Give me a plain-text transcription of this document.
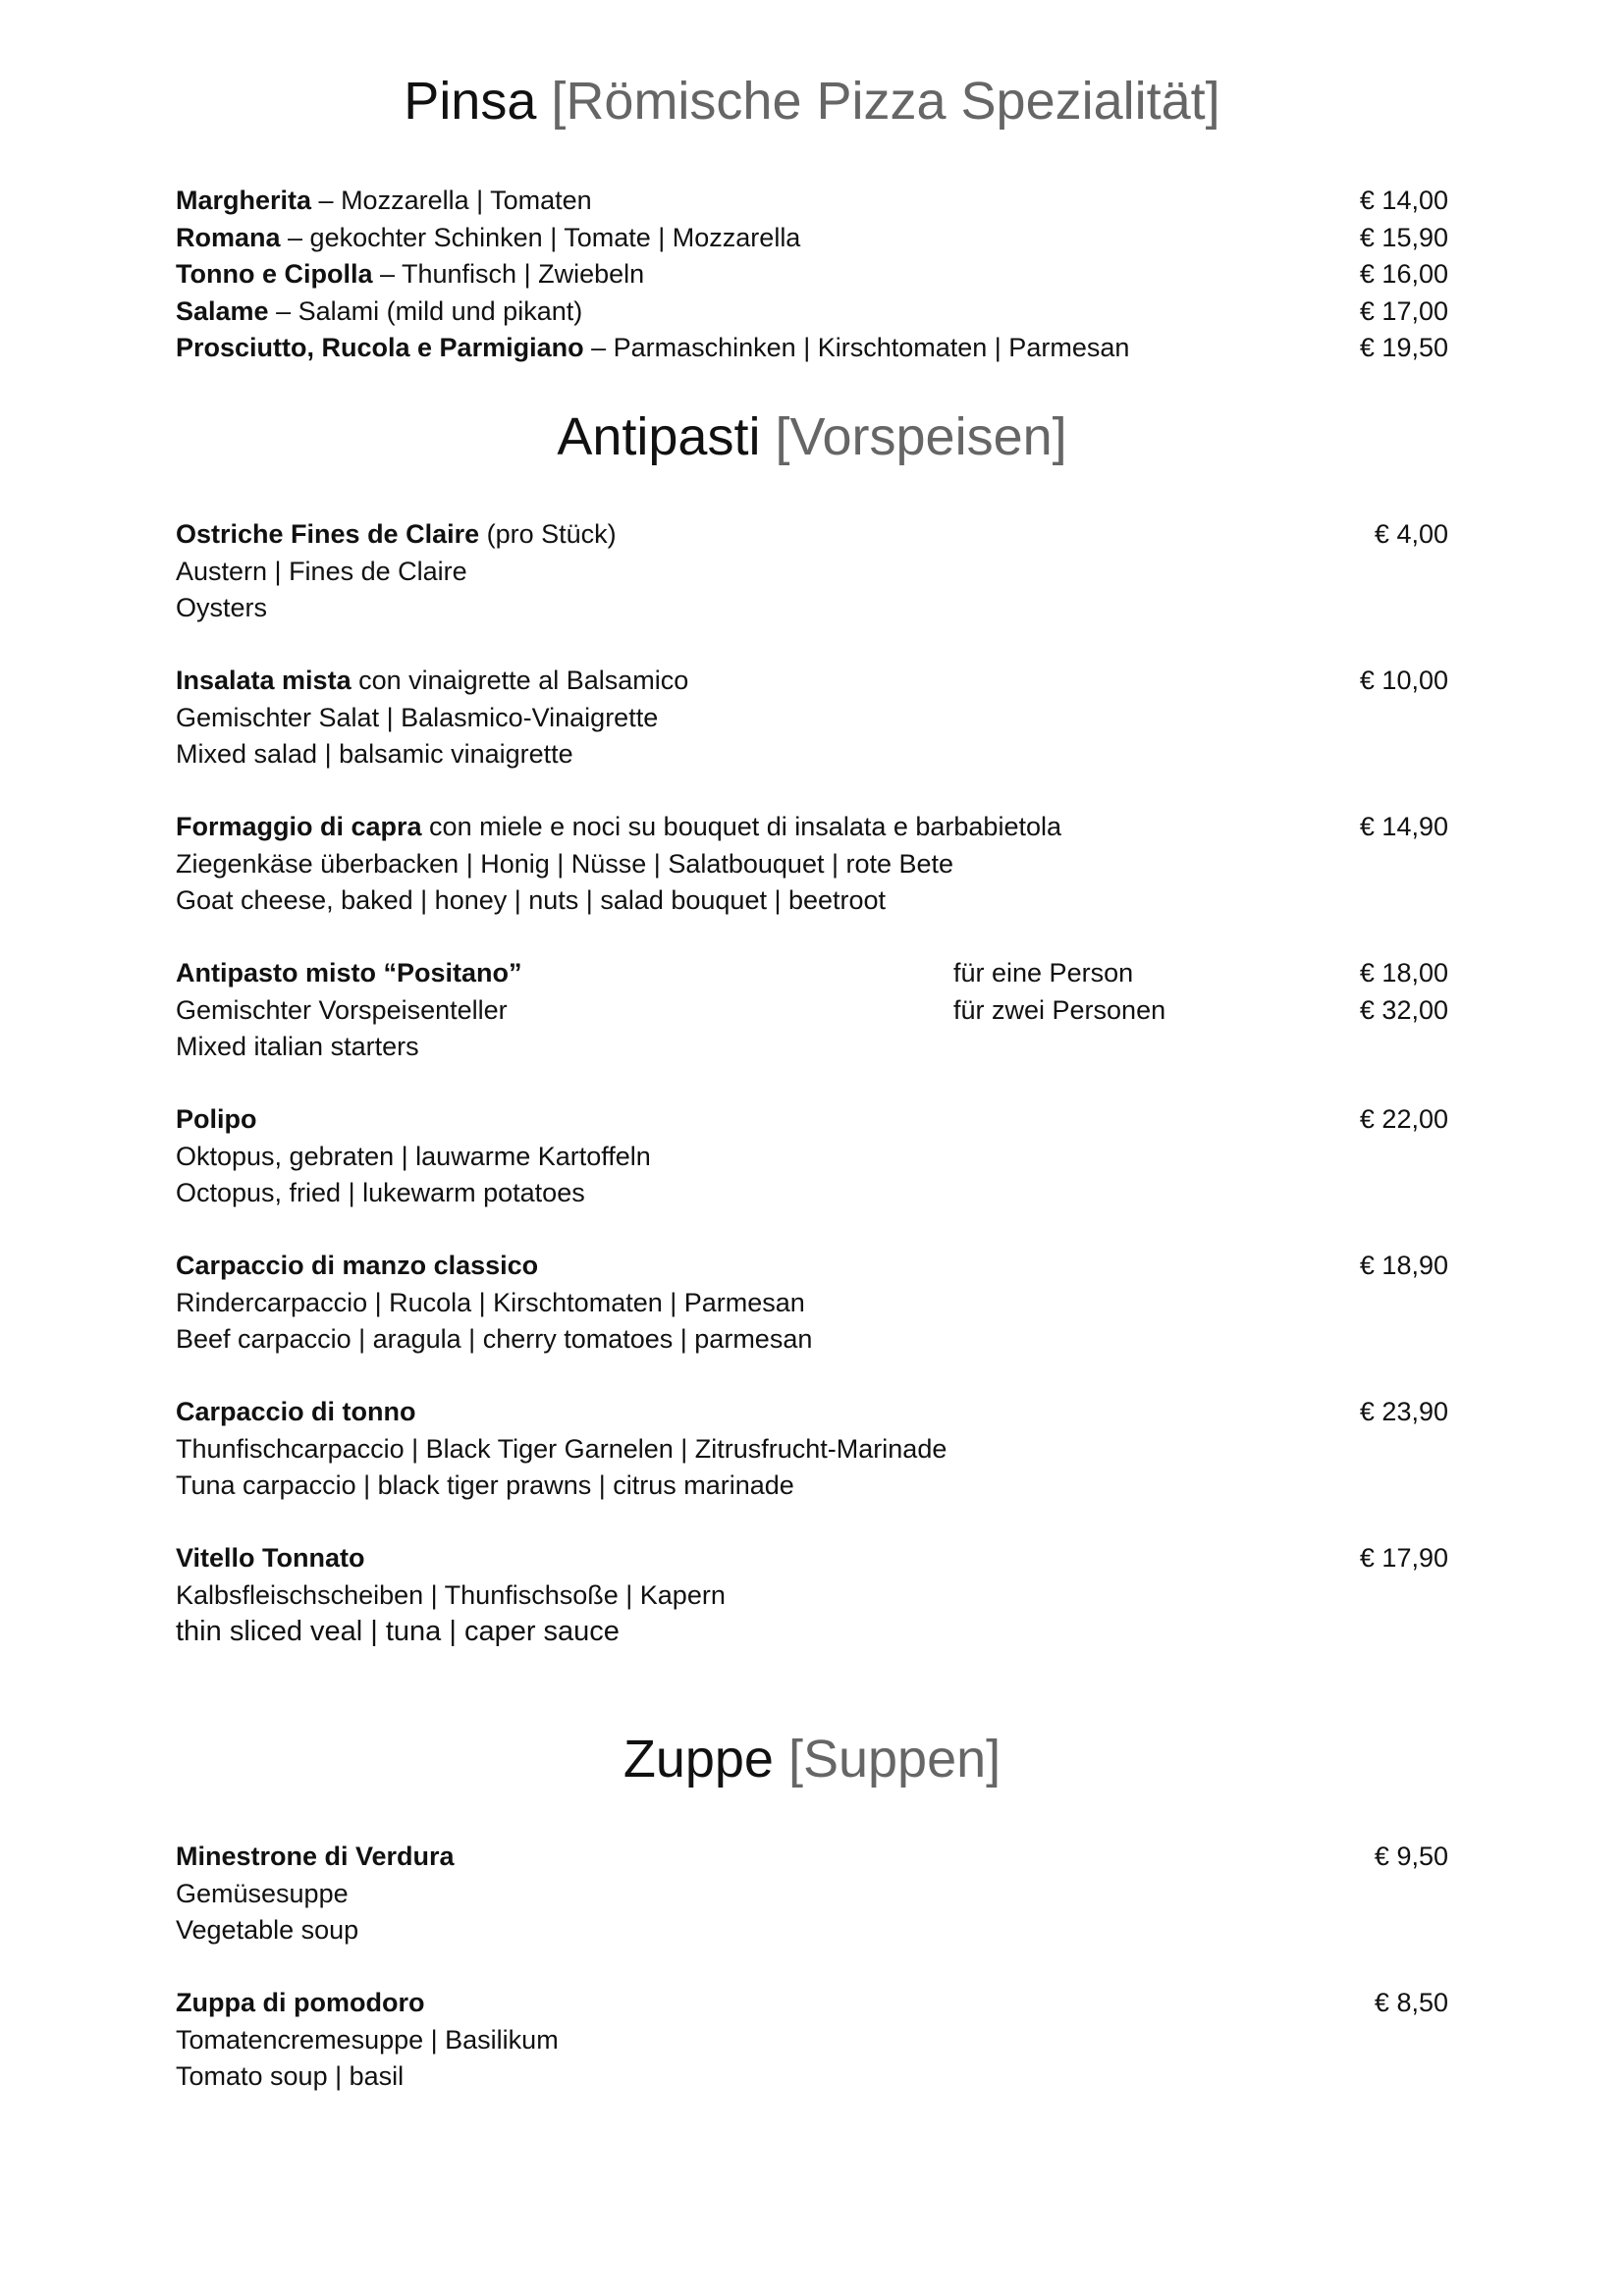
Pinsa [Römische Pizza Spezialität]
Margherita – Mozzarella | Tomaten	€ 14,00
Romana – gekochter Schinken | Tomate | Mozzarella	€ 15,90
Tonno e Cipolla – Thunfisch | Zwiebeln	€ 16,00
Salame – Salami (mild und pikant)	€ 17,00
Prosciutto, Rucola e Parmigiano – Parmaschinken | Kirschtomaten | Parmesan	€ 19,50
Antipasti [Vorspeisen]
Ostriche Fines de Claire (pro Stück)	€ 4,00
Austern | Fines de Claire
Oysters
Insalata mista con vinaigrette al Balsamico	€ 10,00
Gemischter Salat | Balasmico-Vinaigrette
Mixed salad | balsamic vinaigrette
Formaggio di capra con miele e noci su bouquet di insalata e barbabietola	€ 14,90
Ziegenkäse überbacken | Honig | Nüsse | Salatbouquet | rote Bete
Goat cheese, baked | honey | nuts | salad bouquet | beetroot
Antipasto misto “Positano”	für eine Person	€ 18,00
Gemischter Vorspeisenteller	für zwei Personen	€ 32,00
Mixed italian starters
Polipo	€ 22,00
Oktopus, gebraten | lauwarme Kartoffeln
Octopus, fried | lukewarm potatoes
Carpaccio di manzo classico	€ 18,90
Rindercarpaccio | Rucola | Kirschtomaten | Parmesan
Beef carpaccio | aragula | cherry tomatoes | parmesan
Carpaccio di tonno	€ 23,90
Thunfischcarpaccio | Black Tiger Garnelen | Zitrusfrucht-Marinade
Tuna carpaccio | black tiger prawns | citrus marinade
Vitello Tonnato	€ 17,90
Kalbsfleischscheiben | Thunfischsoße | Kapern
thin sliced veal | tuna | caper sauce
Zuppe [Suppen]
Minestrone di Verdura	€ 9,50
Gemüsesuppe
Vegetable soup
Zuppa di pomodoro	€ 8,50
Tomatencremesuppe | Basilikum
Tomato soup | basil
